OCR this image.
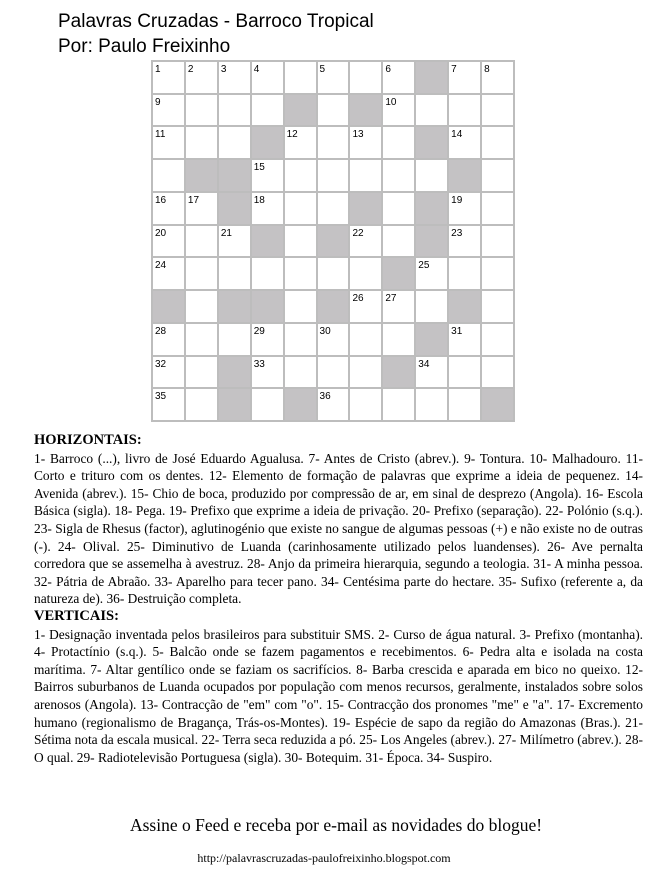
Palavras Cruzadas - Barroco Tropical
Por: Paulo Freixinho
1	2	3	4	5	6	7	8
9	10
11	12	13	14
15
16 17	18	19
20	21	22	23
24	25
26 27
28	29	30	31
32	33	34
35	36
HORIZONTAIS:

1- Barroco (...), livro de José Eduardo Agualusa. 7- Antes de Cristo (abrev.). 9- Tontura. 10- Malhadouro. 11- Corto e trituro com os dentes. 12- Elemento de formação de palavras que exprime a ideia de pequenez. 14- Avenida (abrev.). 15- Chio de boca, produzido por compressão de ar, em sinal de desprezo (Angola). 16- Escola Básica (sigla). 18- Pega. 19- Prefixo que exprime a ideia de privação. 20- Prefixo (separação). 22- Polónio (s.q.). 23- Sigla de Rhesus (factor), aglutinogénio que existe no sangue de algumas pessoas (+) e não existe no de outras (-). 24- Olival. 25- Diminutivo de Luanda (carinhosamente utilizado pelos luandenses). 26- Ave pernalta corredora que se assemelha à avestruz. 28- Anjo da primeira hierarquia, segundo a teologia. 31- A minha pessoa. 32- Pátria de Abraão. 33- Aparelho para tecer pano. 34- Centésima parte do hectare. 35- Sufixo (referente a, da natureza de). 36- Destruição completa.

VERTICAIS:

1- Designação inventada pelos brasileiros para substituir SMS. 2- Curso de água natural. 3- Prefixo (montanha). 4- Protactínio (s.q.). 5- Balcão onde se fazem pagamentos e recebimentos. 6- Pedra alta e isolada na costa marítima. 7- Altar gentílico onde se faziam os sacrifícios. 8- Barba crescida e aparada em bico no queixo. 12- Bairros suburbanos de Luanda ocupados por população com menos recursos, geralmente, instalados sobre solos arenosos (Angola). 13- Contracção de "em" com "o". 15- Contracção dos pronomes "me" e "a". 17- Excremento humano (regionalismo de Bragança, Trás-os-Montes). 19- Espécie de sapo da região do Amazonas (Bras.). 21- Sétima nota da escala musical. 22- Terra seca reduzida a pó. 25- Los Angeles (abrev.). 27- Milímetro (abrev.). 28- O qual. 29- Radiotelevisão Portuguesa (sigla). 30- Botequim. 31- Época. 34- Suspiro.

Assine o Feed e receba por e-mail as novidades do blogue!
http://palavrascruzadas-paulofreixinho.blogspot.com
